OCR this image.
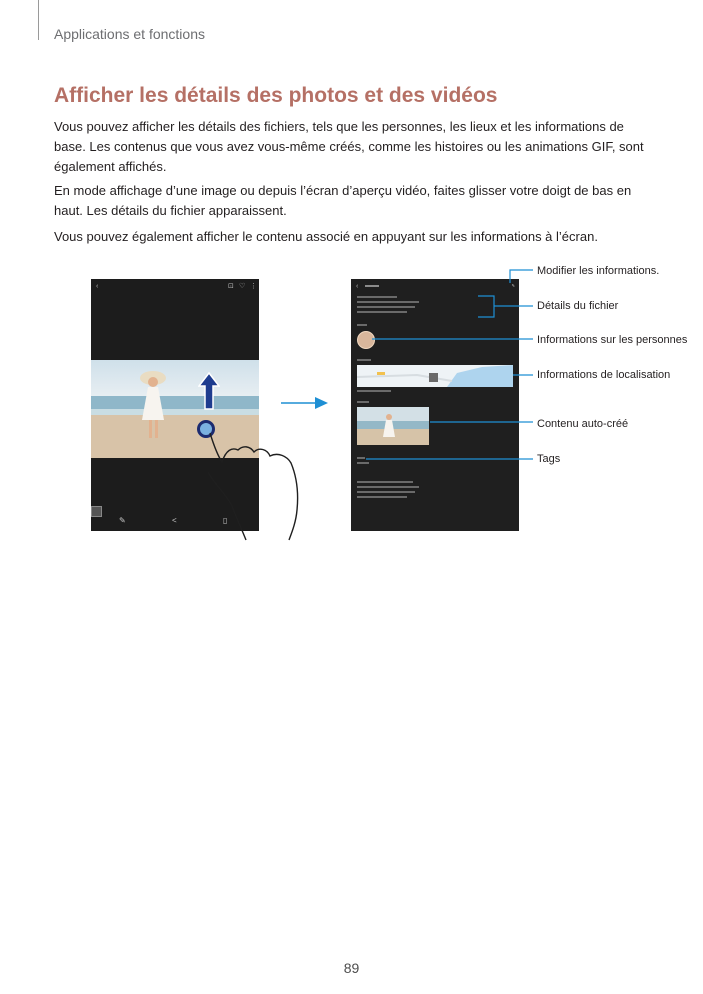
Applications et fonctions
Afficher les détails des photos et des vidéos

Vous pouvez afficher les détails des fichiers, tels que les personnes, les lieux et les informations de base. Les contenus que vous avez vous-même créés, comme les histoires ou les animations GIF, sont également affichés.

En mode affichage d’une image ou depuis l’écran d’aperçu vidéo, faites glisser votre doigt de bas en haut. Les détails du fichier apparaissent.

Vous pouvez également afficher le contenu associé en appuyant sur les informations à l’écran.

‹	⊡ ♡ ⋮
✎	<	▯
‹	✎
Modifier les informations.
Détails du fichier
Informations sur les personnes
Informations de localisation
Contenu auto-créé
Tags
89
